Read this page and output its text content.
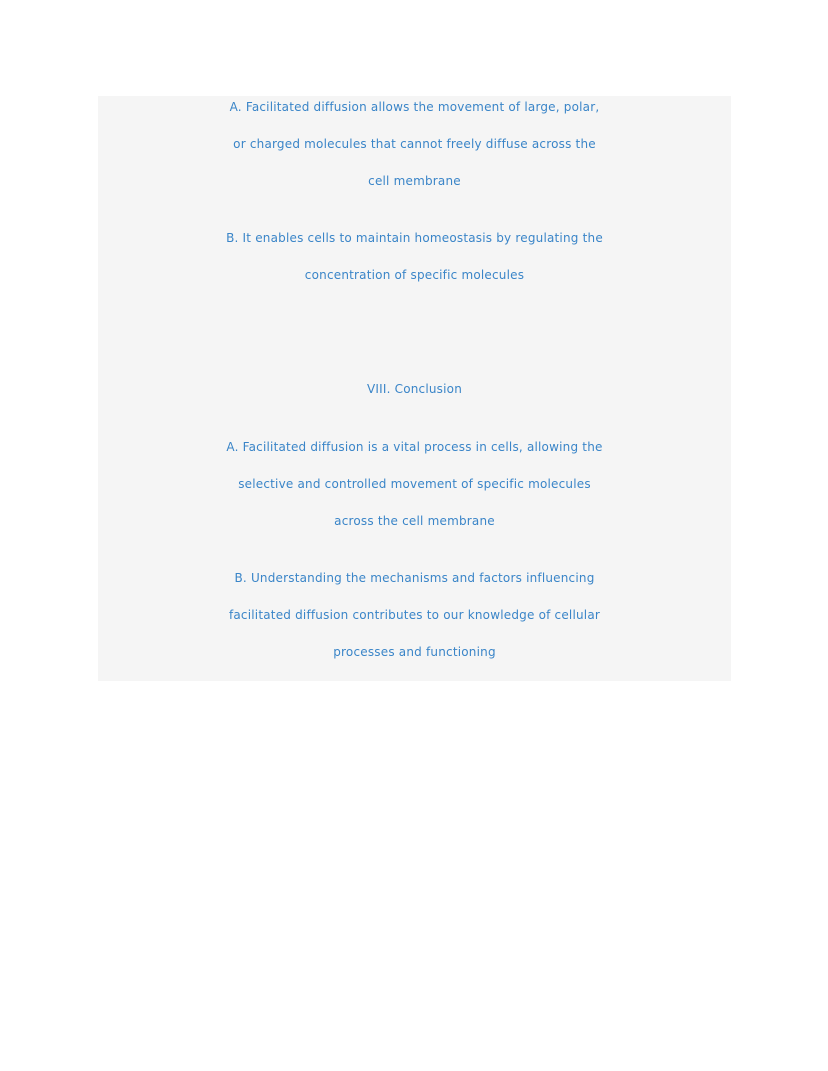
A. Facilitated diffusion allows the movement of large, polar,
or charged molecules that cannot freely diffuse across the
cell membrane
B. It enables cells to maintain homeostasis by regulating the
concentration of specific molecules
VIII. Conclusion
A. Facilitated diffusion is a vital process in cells, allowing the
selective and controlled movement of specific molecules
across the cell membrane
B. Understanding the mechanisms and factors influencing
facilitated diffusion contributes to our knowledge of cellular
processes and functioning
